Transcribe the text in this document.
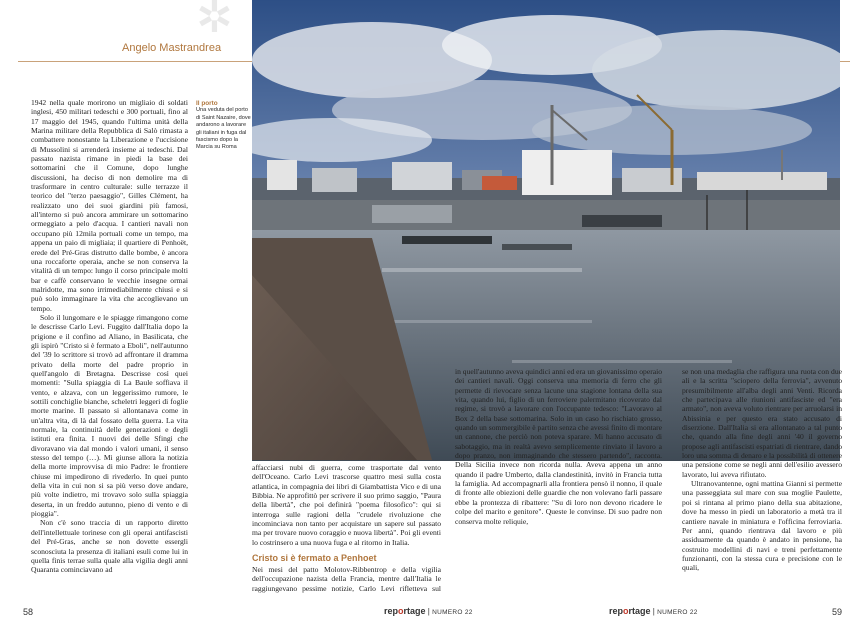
✲
Angelo Mastrandrea

1942 nella quale morirono un migliaio di soldati inglesi, 450 militari tedeschi e 300 portuali, fino al 17 maggio del 1945, quando l'ultima unità della Marina militare della Repubblica di Salò rimasta a combattere nonostante la Liberazione e l'uccisione di Mussolini si arrenderà insieme ai tedeschi. Dal passato nazista rimane in piedi la base dei sottomarini che il Comune, dopo lunghe discussioni, ha deciso di non demolire ma di trasformare in centro culturale: sulle terrazze il teorico del "terzo paesaggio", Gilles Clément, ha realizzato uno dei suoi giardini più famosi, all'interno si può ancora ammirare un sottomarino ormeggiato a pelo d'acqua. I cantieri navali non occupano più 12mila portuali come un tempo, ma appena un paio di migliaia; il quartiere di Penhoët, erede del Pré-Gras distrutto dalle bombe, è ancora una roccaforte operaia, anche se non conserva la vitalità di un tempo: lungo il corso principale molti bar e caffè conservano le vecchie insegne ormai malridotte, ma sono irrimediabilmente chiusi e si può solo immaginare la vita che accoglievano un tempo.

Solo il lungomare e le spiagge rimangono come le descrisse Carlo Levi. Fuggito dall'Italia dopo la prigione e il confino ad Aliano, in Basilicata, che gli ispirò "Cristo si è fermato a Eboli", nell'autunno del '39 lo scrittore si trovò ad affrontare il dramma privato della morte del padre proprio in quell'angolo di Bretagna. Descrisse così quei momenti: "Sulla spiaggia di La Baule soffiava il vento, e alzava, con un leggerissimo rumore, le sottili conchiglie bianche, scheletri leggeri di foglie morte marine. Il passato si allontanava come in un'altra vita, di là dal fossato della guerra. La vita normale, la continuità delle generazioni e degli istituti era finita. I nuovi dei delle Sfingi che divoravano via dal mondo i valori umani, il senso stesso del tempo (…). Mi giunse allora la notizia della morte improvvisa di mio Padre: le frontiere chiuse mi impedirono di rivederlo. In quei punto della vita in cui non si sa più verso dove andare, più volte indietro, mi trovavo solo sulla spiaggia deserta, in un freddo autunno, pieno di vento e di pioggia".

Non c'è sono traccia di un rapporto diretto dell'intellettuale torinese con gli operai antifascisti del Pré-Gras, anche se non dovette essergli sconosciuta la presenza di italiani esuli come lui in quella finis terrae sulla quale alla vigilia degli anni Quaranta cominciavano ad

Il porto
Una veduta del porto di Saint Nazaire, dove andarono a lavorare gli italiani in fuga dal fascismo dopo la Marcia su Roma

affacciarsi nubi di guerra, come trasportate dal vento dell'Oceano. Carlo Levi trascorse quattro mesi sulla costa atlantica, in compagnia dei libri di Giambattista Vico e di una Bibbia. Ne approfittò per scrivere il suo primo saggio, "Paura della libertà", che poi definirà "poema filosofico": qui si interroga sulle ragioni della "crudele rivoluzione che incominciava non tanto per acquistare un sapere sul passato ma per trovare nuovo coraggio e nuova libertà". Poi gli eventi lo costrinsero a una nuova fuga e al ritorno in Italia.

Cristo si è fermato a Penhoet

Nei mesi del patto Molotov-Ribbentrop e della vigilia dell'occupazione nazista della Francia, mentre dall'Italia le raggiungevano pessime notizie, Carlo Levi rifletteva sul

in quell'autunno aveva quindici anni ed era un giovanissimo operaio dei cantieri navali. Oggi conserva una memoria di ferro che gli permette di rievocare senza lacune una stagione lontana della sua vita, quando lui, figlio di un ferroviere palermitano ricoverato dal regime, si trovò a lavorare con l'occupante tedesco: "Lavoravo al Box 2 della base sottomarina. Solo in un caso ho rischiato grosso, quando un sommergibile è partito senza che avessi finito di montare un cannone, che perciò non poteva sparare. Mi hanno accusato di sabotaggio, ma in realtà avevo semplicemente rinviato il lavoro a dopo pranzo, non immaginando che stessero partendo", racconta. Della Sicilia invece non ricorda nulla. Aveva appena un anno quando il padre Umberto, dalla clandestinità, invitò in Francia tutta la famiglia. Ad accompagnarli alla frontiera pensò il nonno, il quale di fronte alle obiezioni delle guardie che non volevano farli passare ebbe la prontezza di ribattere: "Su di loro non devono ricadere le colpe del marito e genitore". Queste le convinse. Di suo padre non conserva molte reliquie,

se non una medaglia che raffigura una ruota con due ali e la scritta "sciopero della ferrovia", avvenuto presumibilmente all'alba degli anni Venti. Ricorda che partecipava alle riunioni antifasciste ed "era armato", non aveva voluto rientrare per arruolarsi in Abissinia e per questo era stato accusato di diserzione. Dall'Italia si era allontanato a tal punto che, quando alla fine degli anni '40 il governo propose agli antifascisti espatriati di rientrare, dando loro una somma di denaro e la possibilità di ottenere una pensione come se negli anni dell'esilio avessero lavorato, lui aveva rifiutato.

Ultranovantenne, ogni mattina Gianni si permette una passeggiata sul mare con sua moglie Paulette, poi si rintana al primo piano della sua abitazione, dove ha messo in piedi un laboratorio a metà tra il cantiere navale in miniatura e l'officina ferroviaria. Per anni, quando rientrava dal lavoro e più assiduamente da quando è andato in pensione, ha costruito modellini di navi e treni perfettamente funzionanti, con la stessa cura e precisione con le quali,

58	reportage | NUMERO 22	reportage | NUMERO 22	59
